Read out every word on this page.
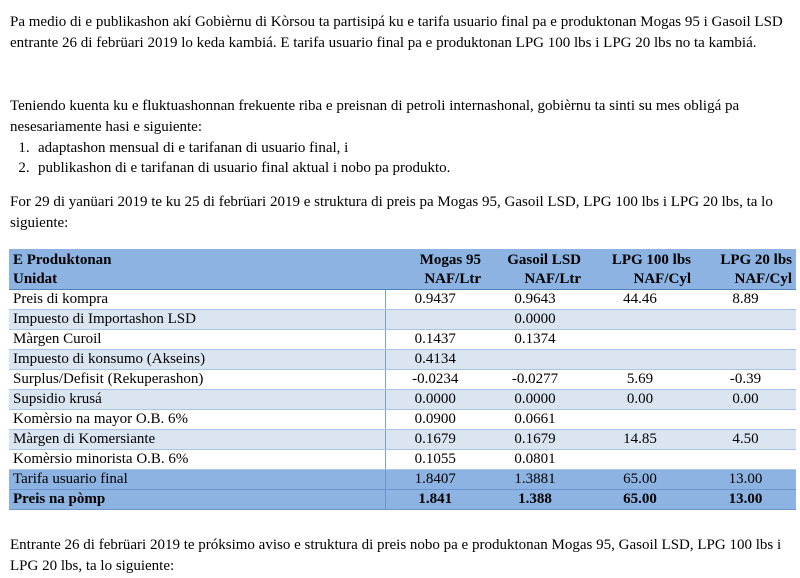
Pa medio di e publikashon akí Gobièrnu di Kòrsou ta partisipá ku e tarifa usuario final pa e produktonan Mogas 95 i Gasoil LSD entrante 26 di febrüari 2019 lo keda kambiá. E tarifa usuario final pa e produktonan LPG 100 lbs i LPG 20 lbs no ta kambiá.

Teniendo kuenta ku e fluktuashonnan frekuente riba e preisnan di petroli internashonal, gobièrnu ta sinti su mes obligá pa nesesariamente hasi e siguiente:

1. adaptashon mensual di e tarifanan di usuario final, i
2. publikashon di e tarifanan di usuario final aktual i nobo pa produkto.

For 29 di yanüari 2019 te ku 25 di febrüari 2019 e struktura di preis pa Mogas 95, Gasoil LSD, LPG 100 lbs i LPG 20 lbs, ta lo siguiente:

E Produktonan	Mogas 95	Gasoil LSD	LPG 100 lbs	LPG 20 lbs
Unidat	NAF/Ltr	NAF/Ltr	NAF/Cyl	NAF/Cyl
Preis di kompra	0.9437	0.9643	44.46	8.89
Impuesto di Importashon LSD		0.0000		
Màrgen Curoil	0.1437	0.1374		
Impuesto di konsumo (Akseins)	0.4134			
Surplus/Defisit (Rekuperashon)	-0.0234	-0.0277	5.69	-0.39
Supsidio krusá	0.0000	0.0000	0.00	0.00
Komèrsio na mayor O.B. 6%	0.0900	0.0661		
Màrgen di Komersiante	0.1679	0.1679	14.85	4.50
Komèrsio minorista O.B. 6%	0.1055	0.0801		
Tarifa usuario final	1.8407	1.3881	65.00	13.00
Preis na pòmp	1.841	1.388	65.00	13.00

Entrante 26 di febrüari 2019 te próksimo aviso e struktura di preis nobo pa e produktonan Mogas 95, Gasoil LSD, LPG 100 lbs i LPG 20 lbs, ta lo siguiente:
